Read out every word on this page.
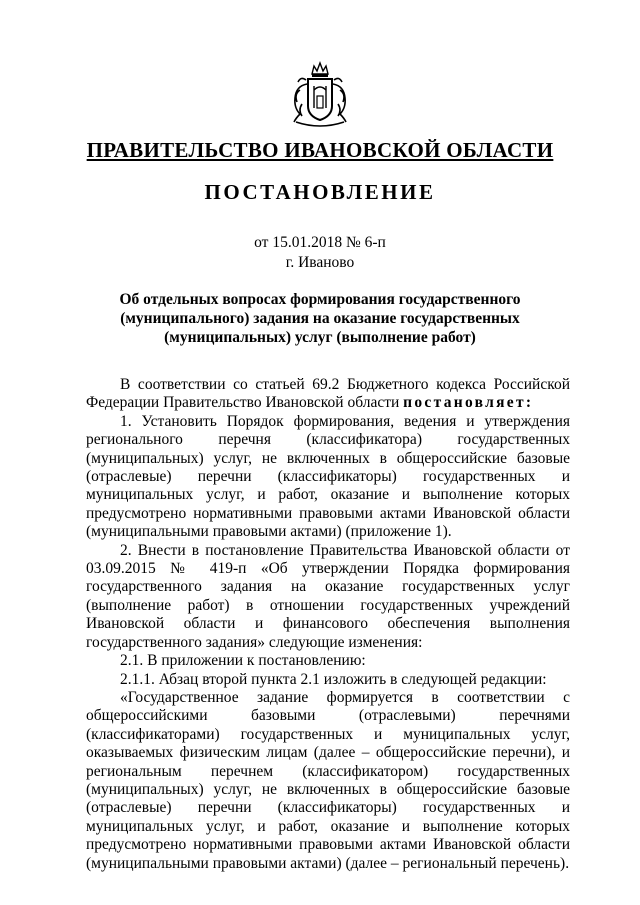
ПРАВИТЕЛЬСТВО ИВАНОВСКОЙ ОБЛАСТИ
ПОСТАНОВЛЕНИЕ
от 15.01.2018 № 6-п
г. Иваново
Об отдельных вопросах формирования государственного (муниципального) задания на оказание государственных (муниципальных) услуг (выполнение работ)

В соответствии со статьей 69.2 Бюджетного кодекса Российской Федерации Правительство Ивановской области постановляет:

1. Установить Порядок формирования, ведения и утверждения регионального перечня (классификатора) государственных (муниципальных) услуг, не включенных в общероссийские базовые (отраслевые) перечни (классификаторы) государственных и муниципальных услуг, и работ, оказание и выполнение которых предусмотрено нормативными правовыми актами Ивановской области (муниципальными правовыми актами) (приложение 1).

2. Внести в постановление Правительства Ивановской области от 03.09.2015 № 419-п «Об утверждении Порядка формирования государственного задания на оказание государственных услуг (выполнение работ) в отношении государственных учреждений Ивановской области и финансового обеспечения выполнения государственного задания» следующие изменения:

2.1. В приложении к постановлению:

2.1.1. Абзац второй пункта 2.1 изложить в следующей редакции:

«Государственное задание формируется в соответствии с общероссийскими базовыми (отраслевыми) перечнями (классификаторами) государственных и муниципальных услуг, оказываемых физическим лицам (далее – общероссийские перечни), и региональным перечнем (классификатором) государственных (муниципальных) услуг, не включенных в общероссийские базовые (отраслевые) перечни (классификаторы) государственных и муниципальных услуг, и работ, оказание и выполнение которых предусмотрено нормативными правовыми актами Ивановской области (муниципальными правовыми актами) (далее – региональный перечень).
